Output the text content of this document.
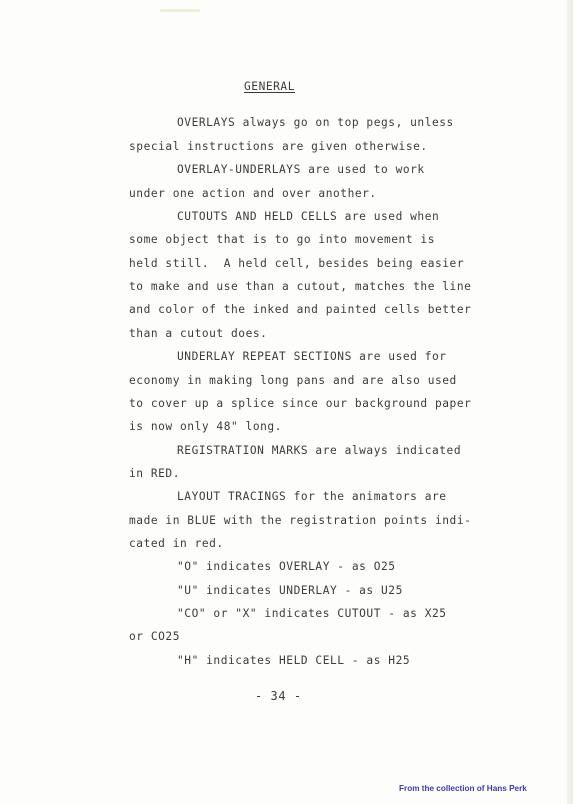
GENERAL
OVERLAYS always go on top pegs, unless
special instructions are given otherwise.
OVERLAY-UNDERLAYS are used to work
under one action and over another.
CUTOUTS AND HELD CELLS are used when
some object that is to go into movement is
held still.  A held cell, besides being easier
to make and use than a cutout, matches the line
and color of the inked and painted cells better
than a cutout does.
UNDERLAY REPEAT SECTIONS are used for
economy in making long pans and are also used
to cover up a splice since our background paper
is now only 48" long.
REGISTRATION MARKS are always indicated
in RED.
LAYOUT TRACINGS for the animators are
made in BLUE with the registration points indi-
cated in red.
"O" indicates OVERLAY - as O25
"U" indicates UNDERLAY - as U25
"CO" or "X" indicates CUTOUT - as X25
or CO25
"H" indicates HELD CELL - as H25
- 34 -
From the collection of Hans Perk
